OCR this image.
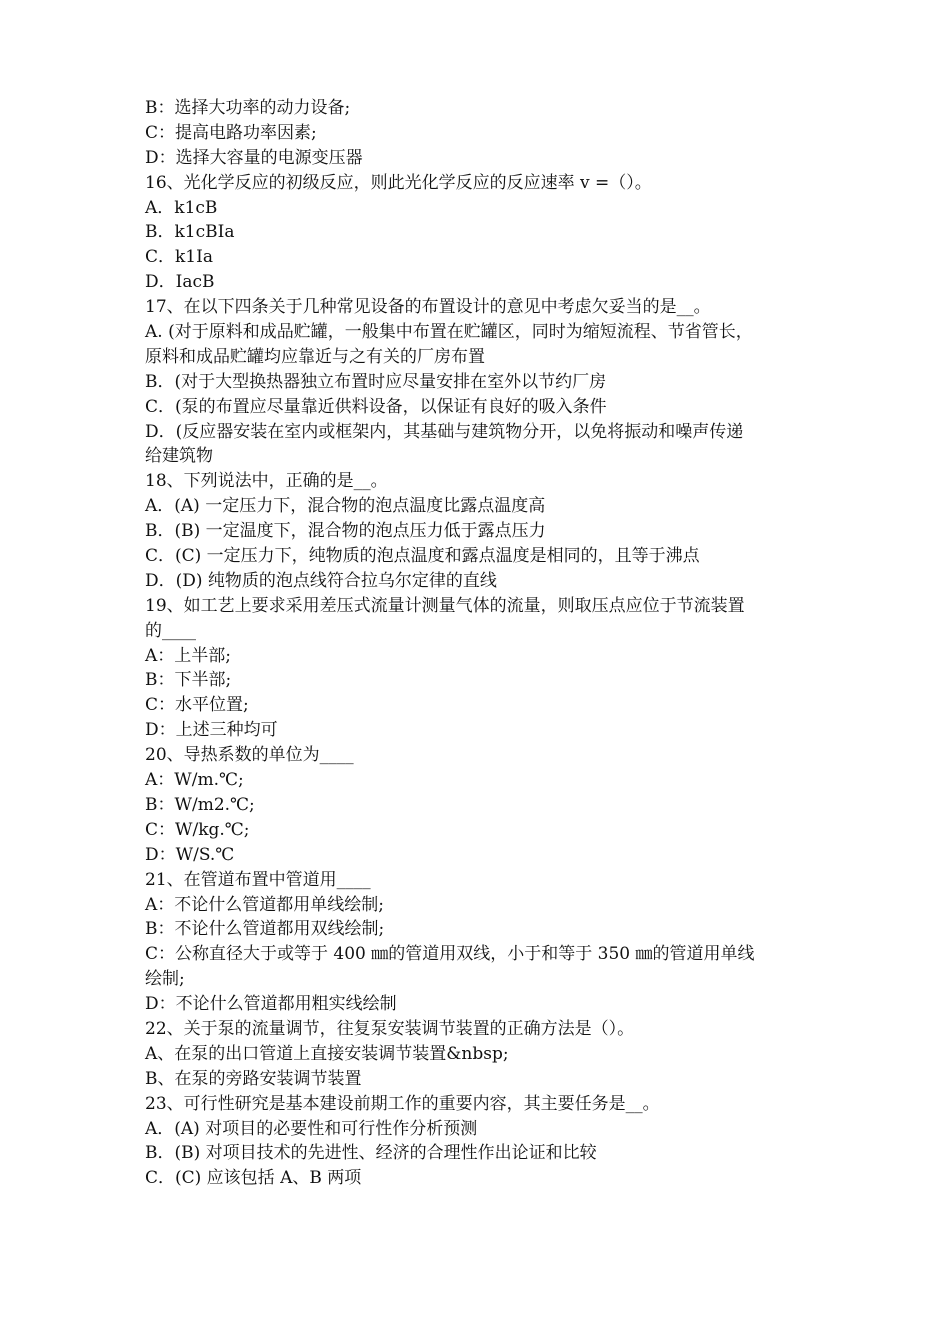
B：选择大功率的动力设备;
C：提高电路功率因素;
D：选择大容量的电源变压器
16、光化学反应的初级反应，则此光化学反应的反应速率 v =（）。
A．k1cB
B．k1cBIa
C．k1Ia
D．IacB
17、在以下四条关于几种常见设备的布置设计的意见中考虑欠妥当的是__。
A. (对于原料和成品贮罐，一般集中布置在贮罐区，同时为缩短流程、节省管长，
原料和成品贮罐均应靠近与之有关的厂房布置
B．(对于大型换热器独立布置时应尽量安排在室外以节约厂房
C．(泵的布置应尽量靠近供料设备，以保证有良好的吸入条件
D．(反应器安装在室内或框架内，其基础与建筑物分开，以免将振动和噪声传递
给建筑物
18、下列说法中，正确的是__。
A．(A) 一定压力下，混合物的泡点温度比露点温度高
B．(B) 一定温度下，混合物的泡点压力低于露点压力
C．(C) 一定压力下，纯物质的泡点温度和露点温度是相同的，且等于沸点
D．(D) 纯物质的泡点线符合拉乌尔定律的直线
19、如工艺上要求采用差压式流量计测量气体的流量，则取压点应位于节流装置
的____
A：上半部;
B：下半部;
C：水平位置;
D：上述三种均可
20、导热系数的单位为____
A：W/m.℃;
B：W/m2.℃;
C：W/kg.℃;
D：W/S.℃
21、在管道布置中管道用____
A：不论什么管道都用单线绘制;
B：不论什么管道都用双线绘制;
C：公称直径大于或等于 400 ㎜的管道用双线，小于和等于 350 ㎜的管道用单线
绘制;
D：不论什么管道都用粗实线绘制
22、关于泵的流量调节，往复泵安装调节装置的正确方法是（）。
A、在泵的出口管道上直接安装调节装置&nbsp;
B、在泵的旁路安装调节装置
23、可行性研究是基本建设前期工作的重要内容，其主要任务是__。
A．(A) 对项目的必要性和可行性作分析预测
B．(B) 对项目技术的先进性、经济的合理性作出论证和比较
C．(C) 应该包括 A、B 两项
